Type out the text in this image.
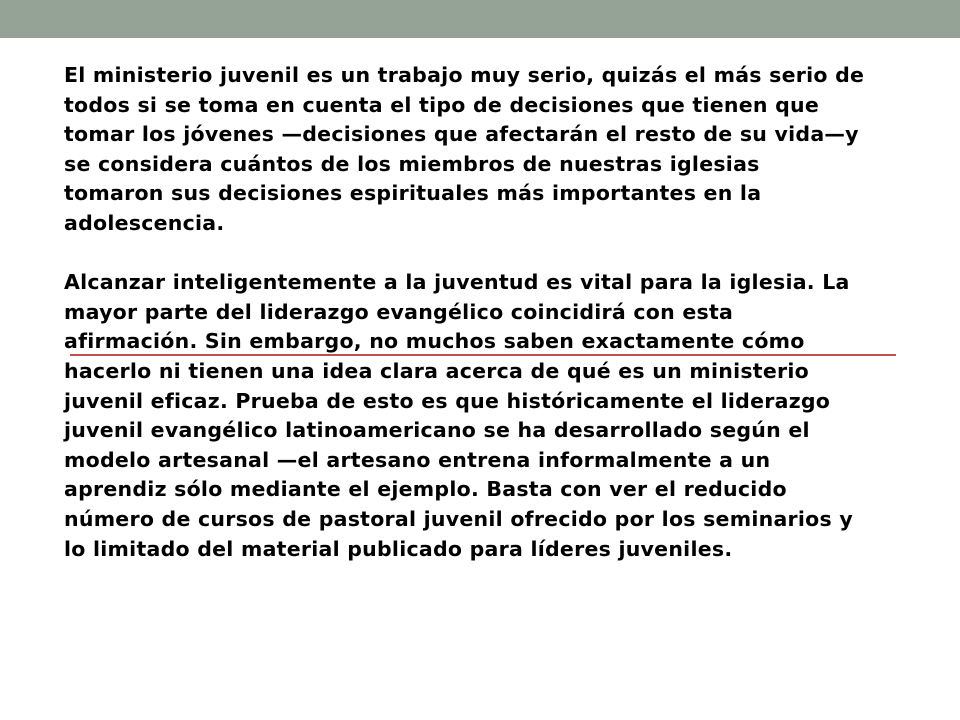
El ministerio juvenil es un trabajo muy serio, quizás el más serio de

todos si se toma en cuenta el tipo de decisiones que tienen que

tomar los jóvenes —decisiones que afectarán el resto de su vida—y

se considera cuántos de los miembros de nuestras iglesias

tomaron sus decisiones espirituales más importantes en la

adolescencia.

Alcanzar inteligentemente a la juventud es vital para la iglesia. La

mayor parte del liderazgo evangélico coincidirá con esta

afirmación. Sin embargo, no muchos saben exactamente cómo

hacerlo ni tienen una idea clara acerca de qué es un ministerio

juvenil eficaz. Prueba de esto es que históricamente el liderazgo

juvenil evangélico latinoamericano se ha desarrollado según el

modelo artesanal —el artesano entrena informalmente a un

aprendiz sólo mediante el ejemplo. Basta con ver el reducido

número de cursos de pastoral juvenil ofrecido por los seminarios y

lo limitado del material publicado para líderes juveniles.
